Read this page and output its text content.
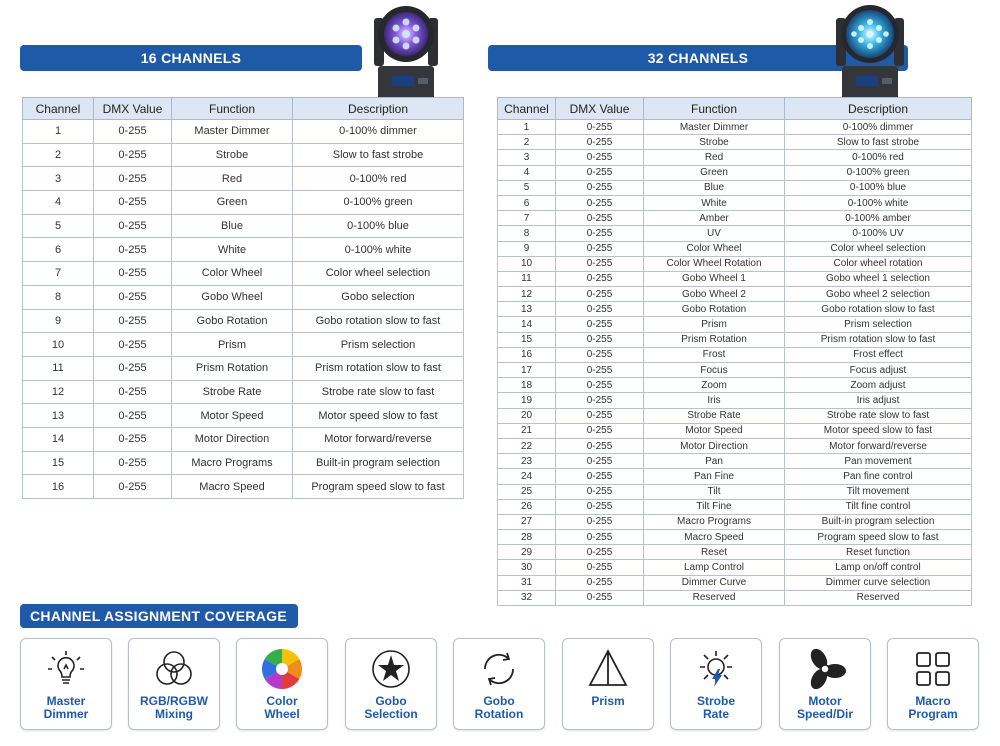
16 CHANNELS	32 CHANNELS
Channel	DMX Value	Function	Description
1	0-255	Master Dimmer	0-100% dimmer
2	0-255	Strobe	Slow to fast strobe
3	0-255	Red	0-100% red
4	0-255	Green	0-100% green
5	0-255	Blue	0-100% blue
6	0-255	White	0-100% white
7	0-255	Color Wheel	Color wheel selection
8	0-255	Gobo Wheel	Gobo selection
9	0-255	Gobo Rotation	Gobo rotation slow to fast
10	0-255	Prism	Prism selection
11	0-255	Prism Rotation	Prism rotation slow to fast
12	0-255	Strobe Rate	Strobe rate slow to fast
13	0-255	Motor Speed	Motor speed slow to fast
14	0-255	Motor Direction	Motor forward/reverse
15	0-255	Macro Programs	Built-in program selection
16	0-255	Macro Speed	Program speed slow to fast
Channel	DMX Value	Function	Description
1	0-255	Master Dimmer	0-100% dimmer
2	0-255	Strobe	Slow to fast strobe
3	0-255	Red	0-100% red
4	0-255	Green	0-100% green
5	0-255	Blue	0-100% blue
6	0-255	White	0-100% white
7	0-255	Amber	0-100% amber
8	0-255	UV	0-100% UV
9	0-255	Color Wheel	Color wheel selection
10	0-255	Color Wheel Rotation	Color wheel rotation
11	0-255	Gobo Wheel 1	Gobo wheel 1 selection
12	0-255	Gobo Wheel 2	Gobo wheel 2 selection
13	0-255	Gobo Rotation	Gobo rotation slow to fast
14	0-255	Prism	Prism selection
15	0-255	Prism Rotation	Prism rotation slow to fast
16	0-255	Frost	Frost effect
17	0-255	Focus	Focus adjust
18	0-255	Zoom	Zoom adjust
19	0-255	Iris	Iris adjust
20	0-255	Strobe Rate	Strobe rate slow to fast
21	0-255	Motor Speed	Motor speed slow to fast
22	0-255	Motor Direction	Motor forward/reverse
23	0-255	Pan	Pan movement
24	0-255	Pan Fine	Pan fine control
25	0-255	Tilt	Tilt movement
26	0-255	Tilt Fine	Tilt fine control
27	0-255	Macro Programs	Built-in program selection
28	0-255	Macro Speed	Program speed slow to fast
29	0-255	Reset	Reset function
30	0-255	Lamp Control	Lamp on/off control
31	0-255	Dimmer Curve	Dimmer curve selection
32	0-255	Reserved	Reserved
CHANNEL ASSIGNMENT COVERAGE
Master
Dimmer
RGB/RGBW
Mixing
Color
Wheel
Gobo
Selection
Gobo
Rotation
Prism	Strobe
Rate
Motor
Speed/Dir
Macro
Program
